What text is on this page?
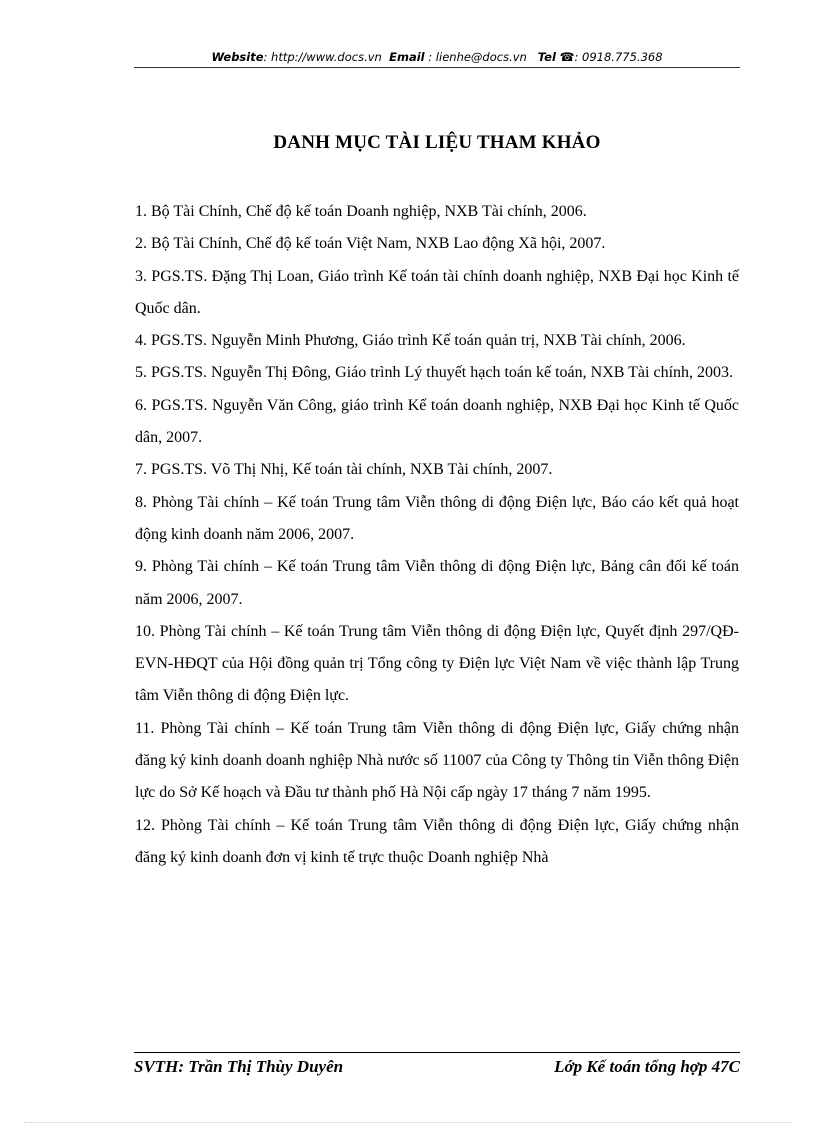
Website: http://www.docs.vn Email : lienhe@docs.vn Tel ☎: 0918.775.368
DANH MỤC TÀI LIỆU THAM KHẢO
1. Bộ Tài Chính, Chế độ kế toán Doanh nghiệp, NXB Tài chính, 2006.
2. Bộ Tài Chính, Chế độ kế toán Việt Nam, NXB Lao động Xã hội, 2007.
3. PGS.TS. Đặng Thị Loan, Giáo trình Kế toán tài chính doanh nghiệp, NXB Đại học Kinh tế Quốc dân.
4. PGS.TS. Nguyễn Minh Phương, Giáo trình Kế toán quản trị, NXB Tài chính, 2006.
5. PGS.TS. Nguyễn Thị Đông, Giáo trình Lý thuyết hạch toán kế toán, NXB Tài chính, 2003.
6. PGS.TS. Nguyễn Văn Công, giáo trình Kế toán doanh nghiệp, NXB Đại học Kinh tế Quốc dân, 2007.
7. PGS.TS. Võ Thị Nhị, Kế toán tài chính, NXB Tài chính, 2007.
8. Phòng Tài chính – Kế toán Trung tâm Viễn thông di động Điện lực, Báo cáo kết quả hoạt động kinh doanh năm 2006, 2007.
9. Phòng Tài chính – Kế toán Trung tâm Viễn thông di động Điện lực, Bảng cân đối kế toán năm 2006, 2007.
10. Phòng Tài chính – Kế toán Trung tâm Viễn thông di động Điện lực, Quyết định 297/QĐ-EVN-HĐQT của Hội đồng quản trị Tổng công ty Điện lực Việt Nam về việc thành lập Trung tâm Viễn thông di động Điện lực.
11. Phòng Tài chính – Kế toán Trung tâm Viễn thông di động Điện lực, Giấy chứng nhận đăng ký kinh doanh doanh nghiệp Nhà nước số 11007 của Công ty Thông tin Viễn thông Điện lực do Sở Kế hoạch và Đầu tư thành phố Hà Nội cấp ngày 17 tháng 7 năm 1995.
12. Phòng Tài chính – Kế toán Trung tâm Viễn thông di động Điện lực, Giấy chứng nhận đăng ký kinh doanh đơn vị kinh tế trực thuộc Doanh nghiệp Nhà
SVTH: Trần Thị Thùy Duyên	Lớp Kế toán tổng hợp 47C
